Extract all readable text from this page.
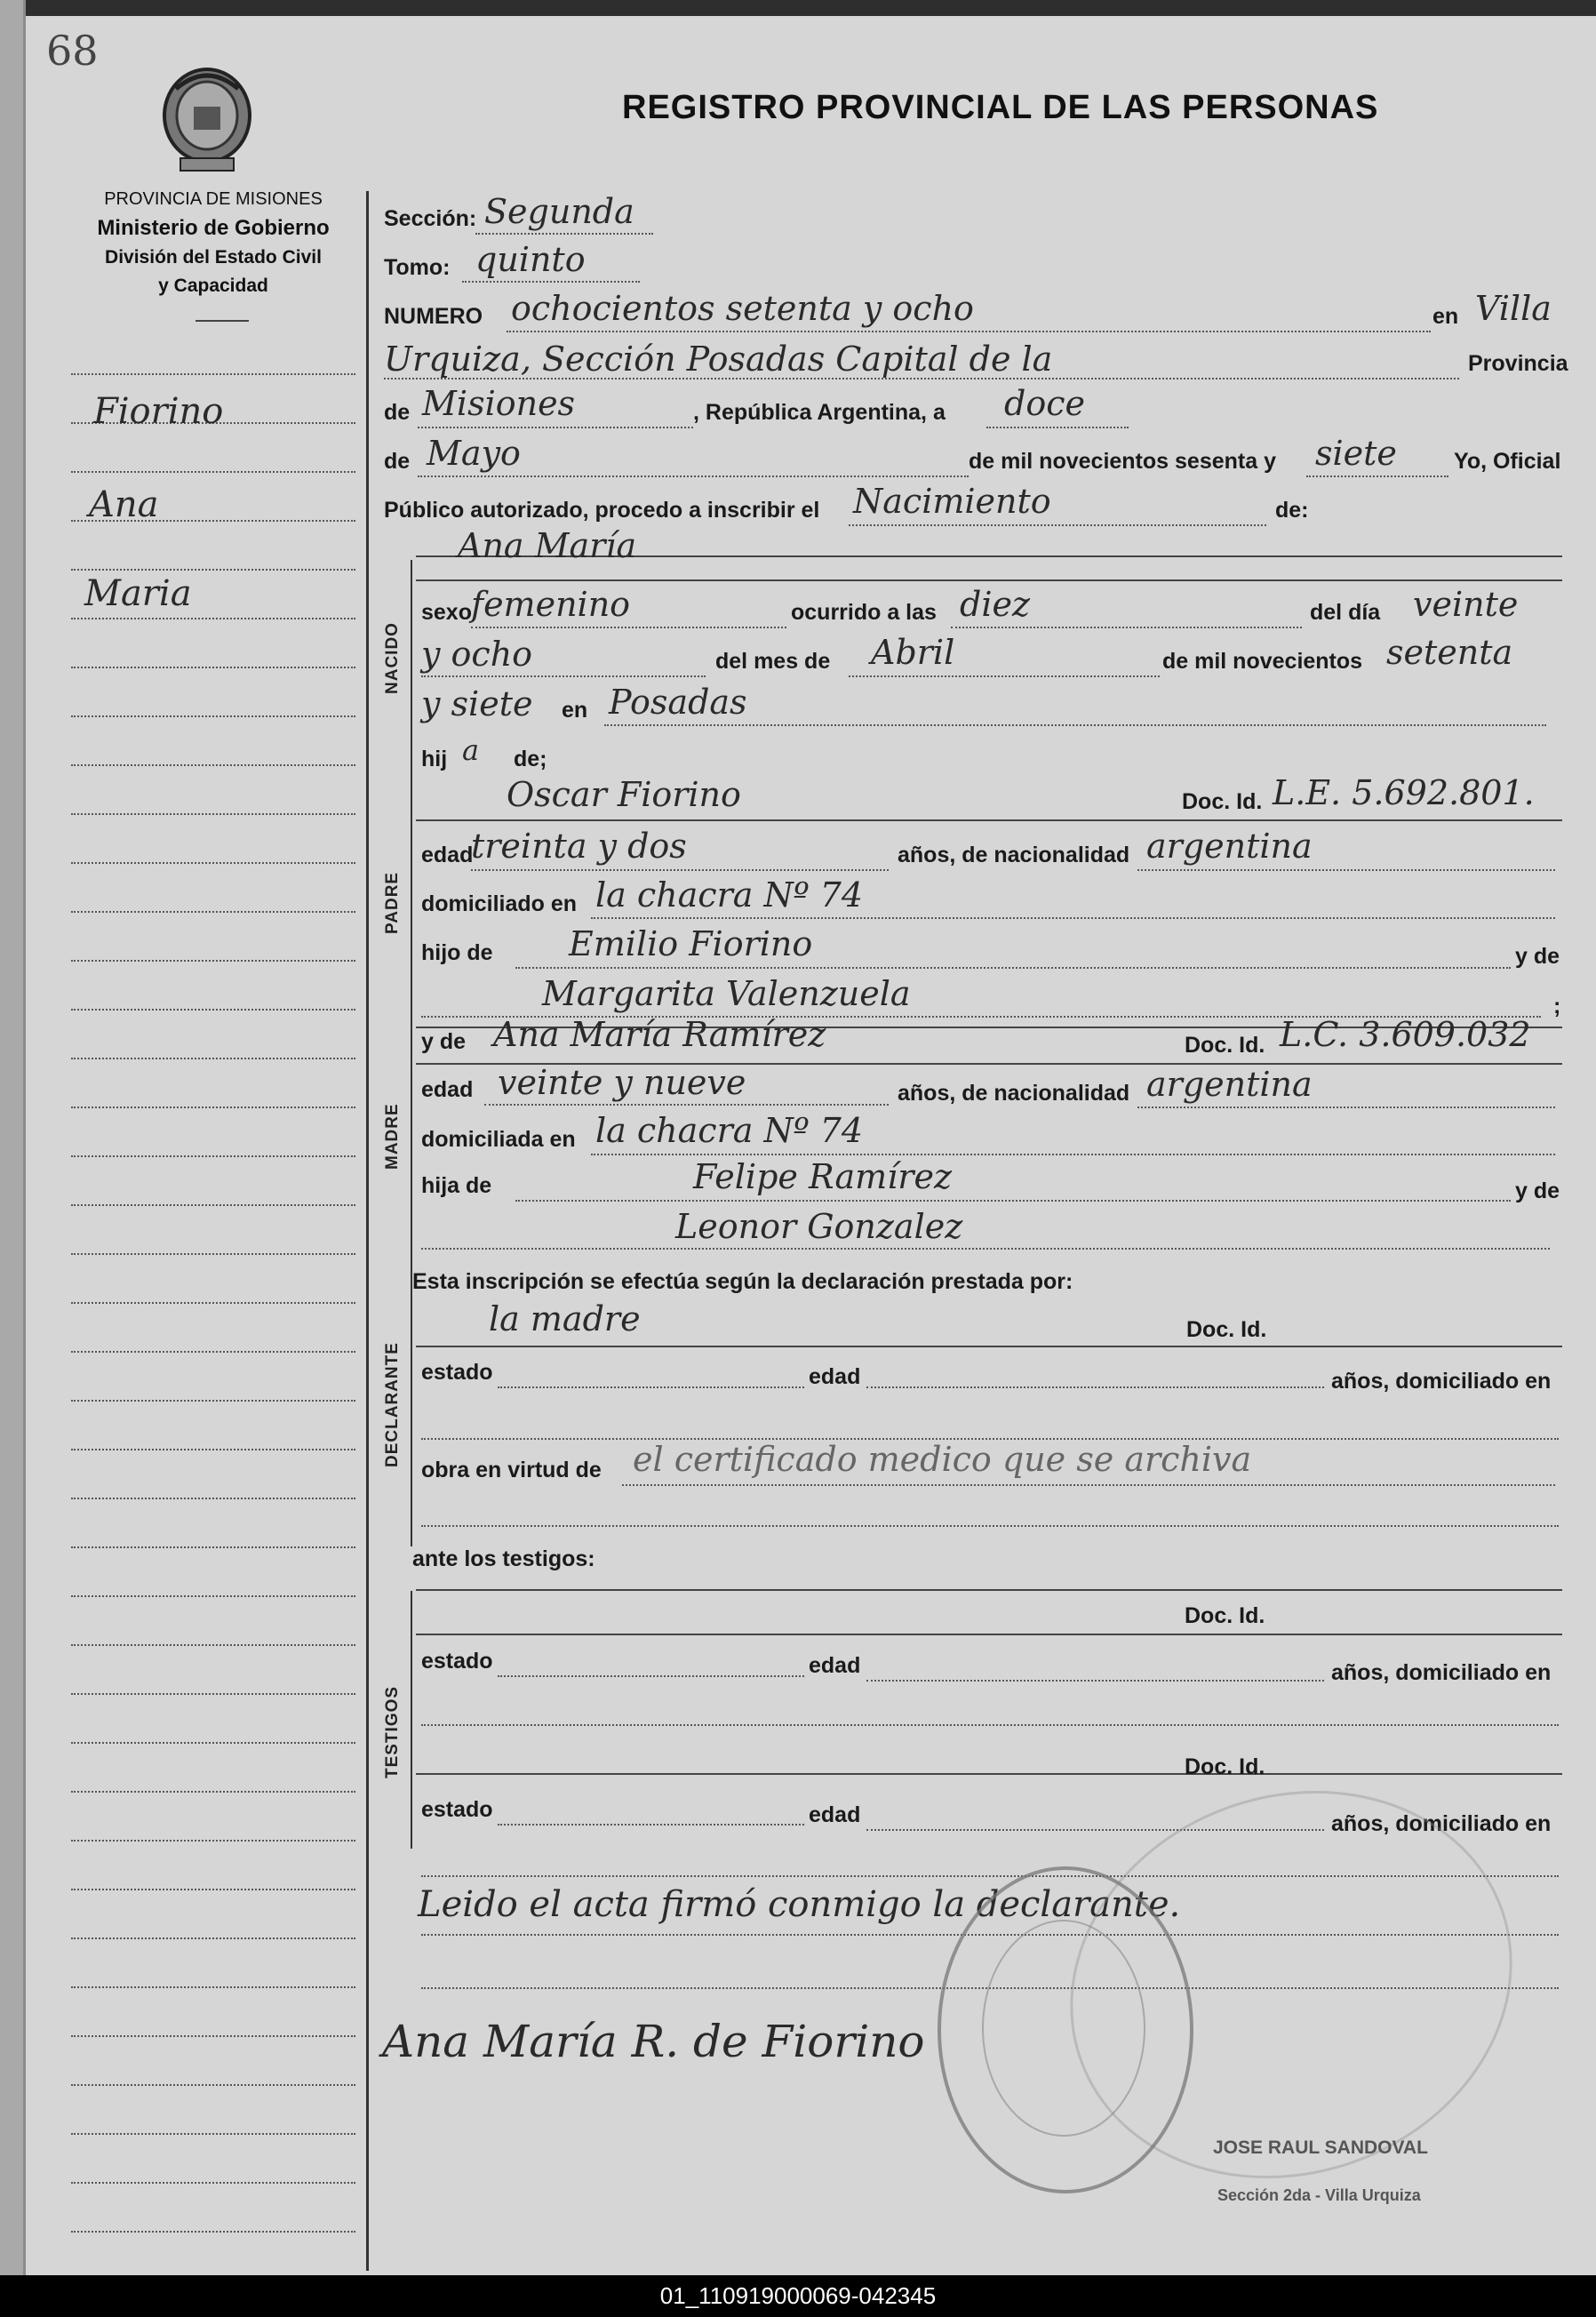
68
PROVINCIA DE MISIONES
Ministerio de Gobierno
División del Estado Civil
y Capacidad
REGISTRO PROVINCIAL DE LAS PERSONAS
Fiorino
Ana
Maria
NACIDO
PADRE
MADRE
DECLARANTE
TESTIGOS
Sección: Segunda
Tomo: quinto
NUMERO ochocientos setenta y ocho	en Villa
Urquiza, Sección Posadas Capital de la	Provincia
de Misiones	, República Argentina, a doce
de Mayo	de mil novecientos sesenta y siete	Yo, Oficial
Público autorizado, procedo a inscribir el Nacimiento	de:
Ana María
sexo femenino	ocurrido a las diez	del día veinte
y ocho	del mes de Abril	de mil novecientos setenta
y siete en Posadas
hij a de;
Oscar Fiorino	Doc. Id. L.E. 5.692.801.
edad
treinta y dos	años, de nacionalidad argentina
domiciliado en la chacra Nº 74
hijo de Emilio Fiorino	y de
Margarita Valenzuela	;
y de Ana María Ramírez	Doc. Id. L.C. 3.609.032
edad veinte y nueve	años, de nacionalidad argentina
domiciliada en la chacra Nº 74
hija de	Felipe Ramírez	y de
Leonor Gonzalez
Esta inscripción se efectúa según la declaración prestada por:
la madre	Doc. Id.
estado	edad	años, domiciliado en
obra en virtud de el certificado medico que se archiva
ante los testigos:
Doc. Id.
estado	edad	años, domiciliado en
Doc. Id.
estado	edad	años, domiciliado en
Leido el acta firmó conmigo la declarante.
Ana María R. de Fiorino
JOSE RAUL SANDOVAL
Sección 2da - Villa Urquiza
01_110919000069-042345
